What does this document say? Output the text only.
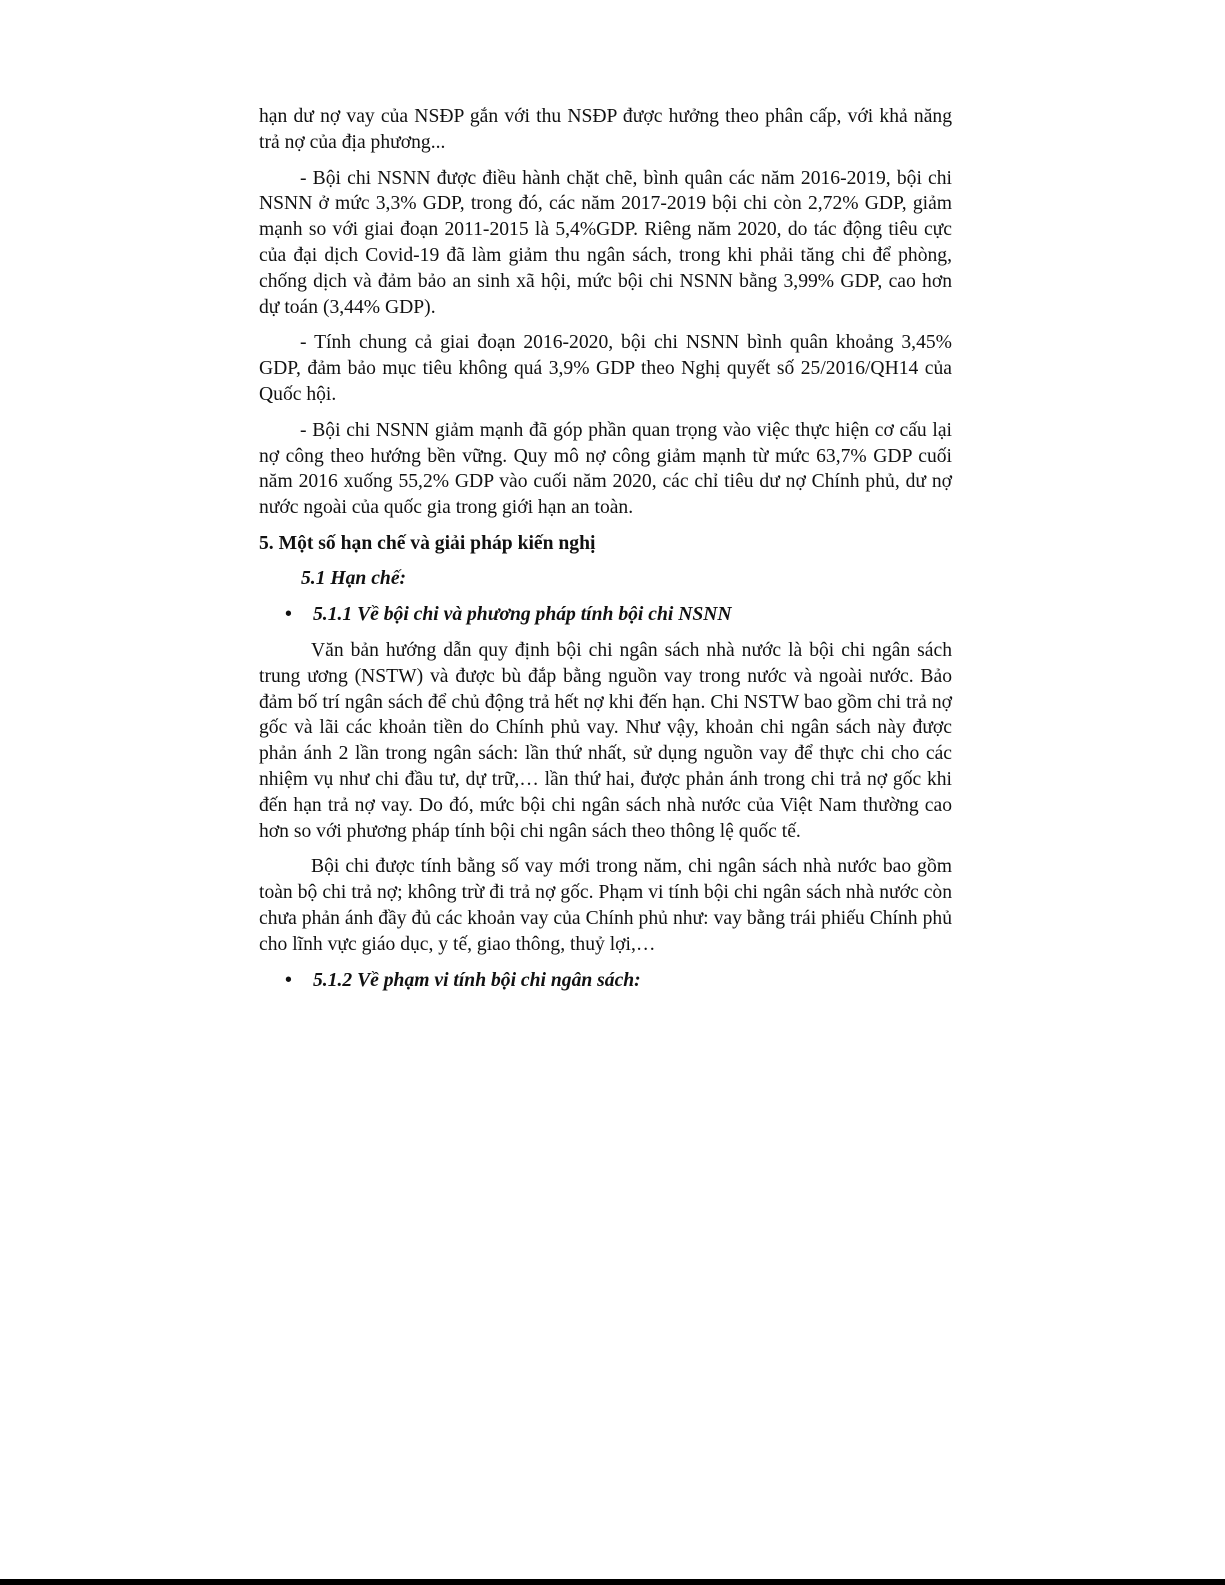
hạn dư nợ vay của NSĐP gắn với thu NSĐP được hưởng theo phân cấp, với khả năng trả nợ của địa phương...

- Bội chi NSNN được điều hành chặt chẽ, bình quân các năm 2016-2019, bội chi NSNN ở mức 3,3% GDP, trong đó, các năm 2017-2019 bội chi còn 2,72% GDP, giảm mạnh so với giai đoạn 2011-2015 là 5,4%GDP. Riêng năm 2020, do tác động tiêu cực của đại dịch Covid-19 đã làm giảm thu ngân sách, trong khi phải tăng chi để phòng, chống dịch và đảm bảo an sinh xã hội, mức bội chi NSNN bằng 3,99% GDP, cao hơn dự toán (3,44% GDP).

- Tính chung cả giai đoạn 2016-2020, bội chi NSNN bình quân khoảng 3,45% GDP, đảm bảo mục tiêu không quá 3,9% GDP theo Nghị quyết số 25/2016/QH14 của Quốc hội.

- Bội chi NSNN giảm mạnh đã góp phần quan trọng vào việc thực hiện cơ cấu lại nợ công theo hướng bền vững. Quy mô nợ công giảm mạnh từ mức 63,7% GDP cuối năm 2016 xuống 55,2% GDP vào cuối năm 2020, các chỉ tiêu dư nợ Chính phủ, dư nợ nước ngoài của quốc gia trong giới hạn an toàn.

5. Một số hạn chế và giải pháp kiến nghị
5.1 Hạn chế:
• 5.1.1 Về bội chi và phương pháp tính bội chi NSNN

Văn bản hướng dẫn quy định bội chi ngân sách nhà nước là bội chi ngân sách trung ương (NSTW) và được bù đắp bằng nguồn vay trong nước và ngoài nước. Bảo đảm bố trí ngân sách để chủ động trả hết nợ khi đến hạn. Chi NSTW bao gồm chi trả nợ gốc và lãi các khoản tiền do Chính phủ vay. Như vậy, khoản chi ngân sách này được phản ánh 2 lần trong ngân sách: lần thứ nhất, sử dụng nguồn vay để thực chi cho các nhiệm vụ như chi đầu tư, dự trữ,… lần thứ hai, được phản ánh trong chi trả nợ gốc khi đến hạn trả nợ vay. Do đó, mức bội chi ngân sách nhà nước của Việt Nam thường cao hơn so với phương pháp tính bội chi ngân sách theo thông lệ quốc tế.

Bội chi được tính bằng số vay mới trong năm, chi ngân sách nhà nước bao gồm toàn bộ chi trả nợ; không trừ đi trả nợ gốc. Phạm vi tính bội chi ngân sách nhà nước còn chưa phản ánh đầy đủ các khoản vay của Chính phủ như: vay bằng trái phiếu Chính phủ cho lĩnh vực giáo dục, y tế, giao thông, thuỷ lợi,…

• 5.1.2 Về phạm vi tính bội chi ngân sách:
